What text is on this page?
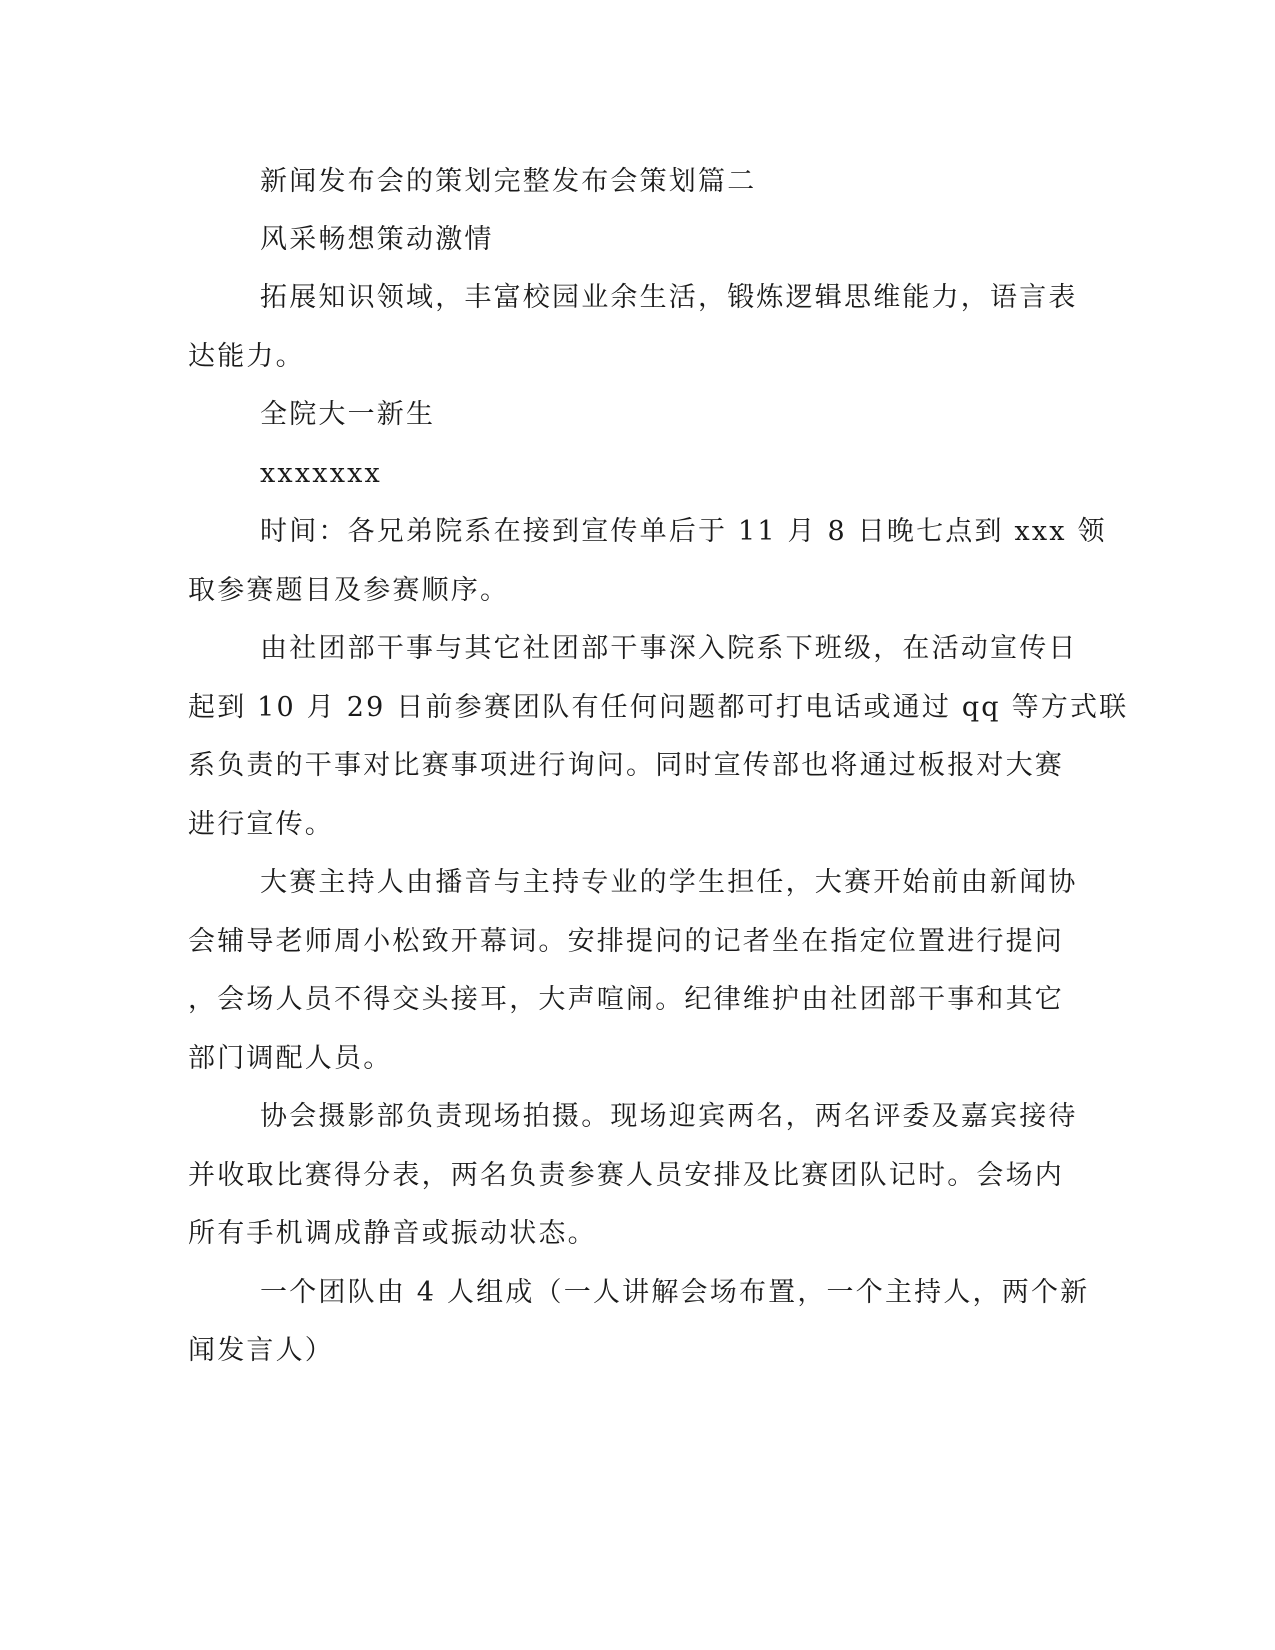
新闻发布会的策划完整发布会策划篇二
风采畅想策动激情
拓展知识领域，丰富校园业余生活，锻炼逻辑思维能力，语言表
达能力。
全院大一新生
xxxxxxx
时间：各兄弟院系在接到宣传单后于 11 月 8 日晚七点到 xxx 领
取参赛题目及参赛顺序。
由社团部干事与其它社团部干事深入院系下班级，在活动宣传日
起到 10 月 29 日前参赛团队有任何问题都可打电话或通过 qq 等方式联
系负责的干事对比赛事项进行询问。同时宣传部也将通过板报对大赛
进行宣传。
大赛主持人由播音与主持专业的学生担任，大赛开始前由新闻协
会辅导老师周小松致开幕词。安排提问的记者坐在指定位置进行提问
，会场人员不得交头接耳，大声喧闹。纪律维护由社团部干事和其它
部门调配人员。
协会摄影部负责现场拍摄。现场迎宾两名，两名评委及嘉宾接待
并收取比赛得分表，两名负责参赛人员安排及比赛团队记时。会场内
所有手机调成静音或振动状态。
一个团队由 4 人组成（一人讲解会场布置，一个主持人，两个新
闻发言人）
